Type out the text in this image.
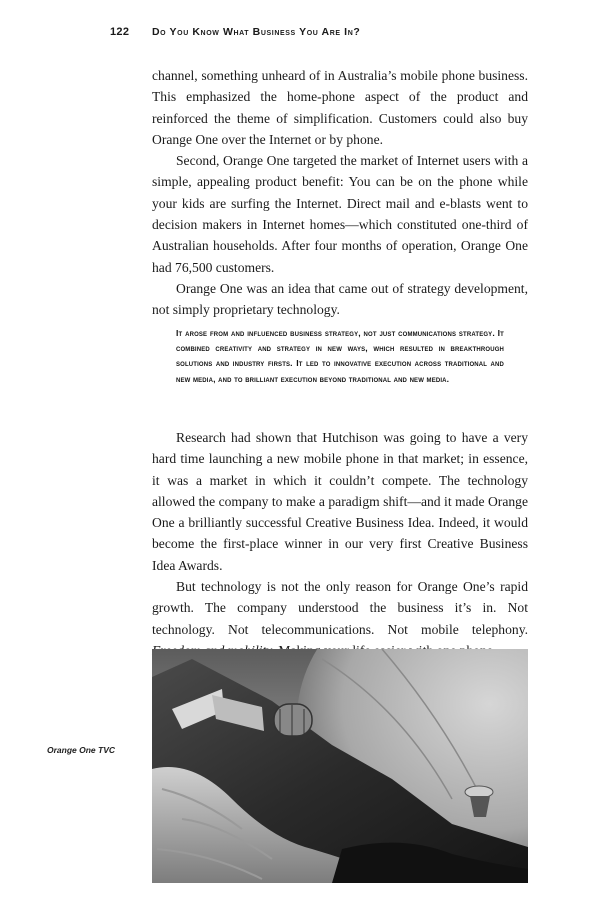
122 Do You Know What Business You Are In?

channel, something unheard of in Australia’s mobile phone business. This emphasized the home-phone aspect of the product and reinforced the theme of simplification. Customers could also buy Orange One over the Internet or by phone.

Second, Orange One targeted the market of Internet users with a simple, appealing product benefit: You can be on the phone while your kids are surfing the Internet. Direct mail and e-blasts went to decision makers in Internet homes—which constituted one-third of Australian households. After four months of operation, Orange One had 76,500 customers.

Orange One was an idea that came out of strategy development, not simply proprietary technology.

It arose from and influenced business strategy, not just communications strategy. It combined creativity and strategy in new ways, which resulted in breakthrough solutions and industry firsts. It led to innovative execution across traditional and new media, and to brilliant execution beyond traditional and new media.

Research had shown that Hutchison was going to have a very hard time launching a new mobile phone in that market; in essence, it was a market in which it couldn’t compete. The technology allowed the company to make a paradigm shift—and it made Orange One a brilliantly successful Creative Business Idea. Indeed, it would become the first-place winner in our very first Creative Business Idea Awards.

But technology is not the only reason for Orange One’s rapid growth. The company understood the business it’s in. Not technology. Not telecommunications. Not mobile telephony.

Orange One TVC
